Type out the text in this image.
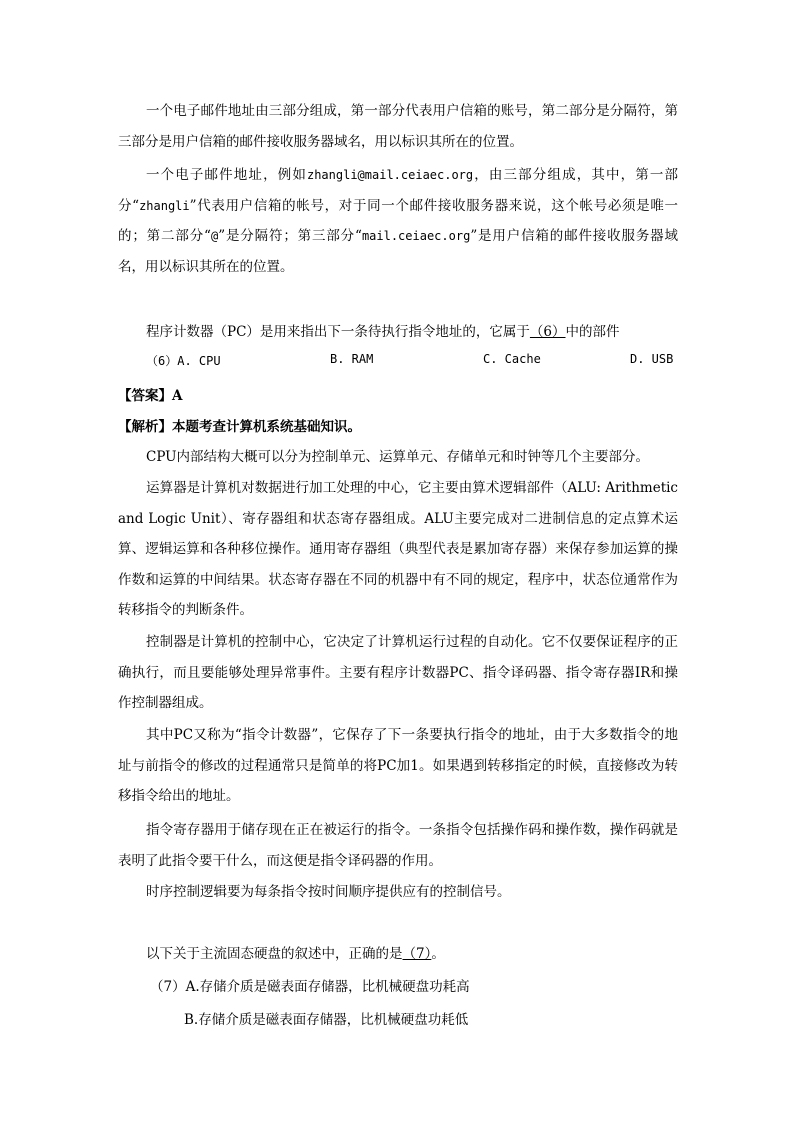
一个电子邮件地址由三部分组成，第一部分代表用户信箱的账号，第二部分是分隔符，第三部分是用户信箱的邮件接收服务器域名，用以标识其所在的位置。

一个电子邮件地址，例如zhangli@mail.ceiaec.org，由三部分组成，其中，第一部分“zhangli”代表用户信箱的帐号，对于同一个邮件接收服务器来说，这个帐号必须是唯一的；第二部分“@”是分隔符；第三部分“mail.ceiaec.org”是用户信箱的邮件接收服务器域名，用以标识其所在的位置。

程序计数器（PC）是用来指出下一条待执行指令地址的，它属于（6）中的部件
（6）A. CPU	B. RAM	C. Cache	D. USB
【答案】A
【解析】本题考查计算机系统基础知识。

CPU内部结构大概可以分为控制单元、运算单元、存储单元和时钟等几个主要部分。

运算器是计算机对数据进行加工处理的中心，它主要由算术逻辑部件（ALU: Arithmetic and Logic Unit）、寄存器组和状态寄存器组成。ALU主要完成对二进制信息的定点算术运算、逻辑运算和各种移位操作。通用寄存器组（典型代表是累加寄存器）来保存参加运算的操作数和运算的中间结果。状态寄存器在不同的机器中有不同的规定，程序中，状态位通常作为转移指令的判断条件。

控制器是计算机的控制中心，它决定了计算机运行过程的自动化。它不仅要保证程序的正确执行，而且要能够处理异常事件。主要有程序计数器PC、指令译码器、指令寄存器IR和操作控制器组成。

其中PC又称为“指令计数器”，它保存了下一条要执行指令的地址，由于大多数指令的地址与前指令的修改的过程通常只是简单的将PC加1。如果遇到转移指定的时候，直接修改为转移指令给出的地址。

指令寄存器用于储存现在正在被运行的指令。一条指令包括操作码和操作数，操作码就是表明了此指令要干什么，而这便是指令译码器的作用。

时序控制逻辑要为每条指令按时间顺序提供应有的控制信号。

以下关于主流固态硬盘的叙述中，正确的是（7）。
（7）A.存储介质是磁表面存储器，比机械硬盘功耗高
B.存储介质是磁表面存储器，比机械硬盘功耗低
